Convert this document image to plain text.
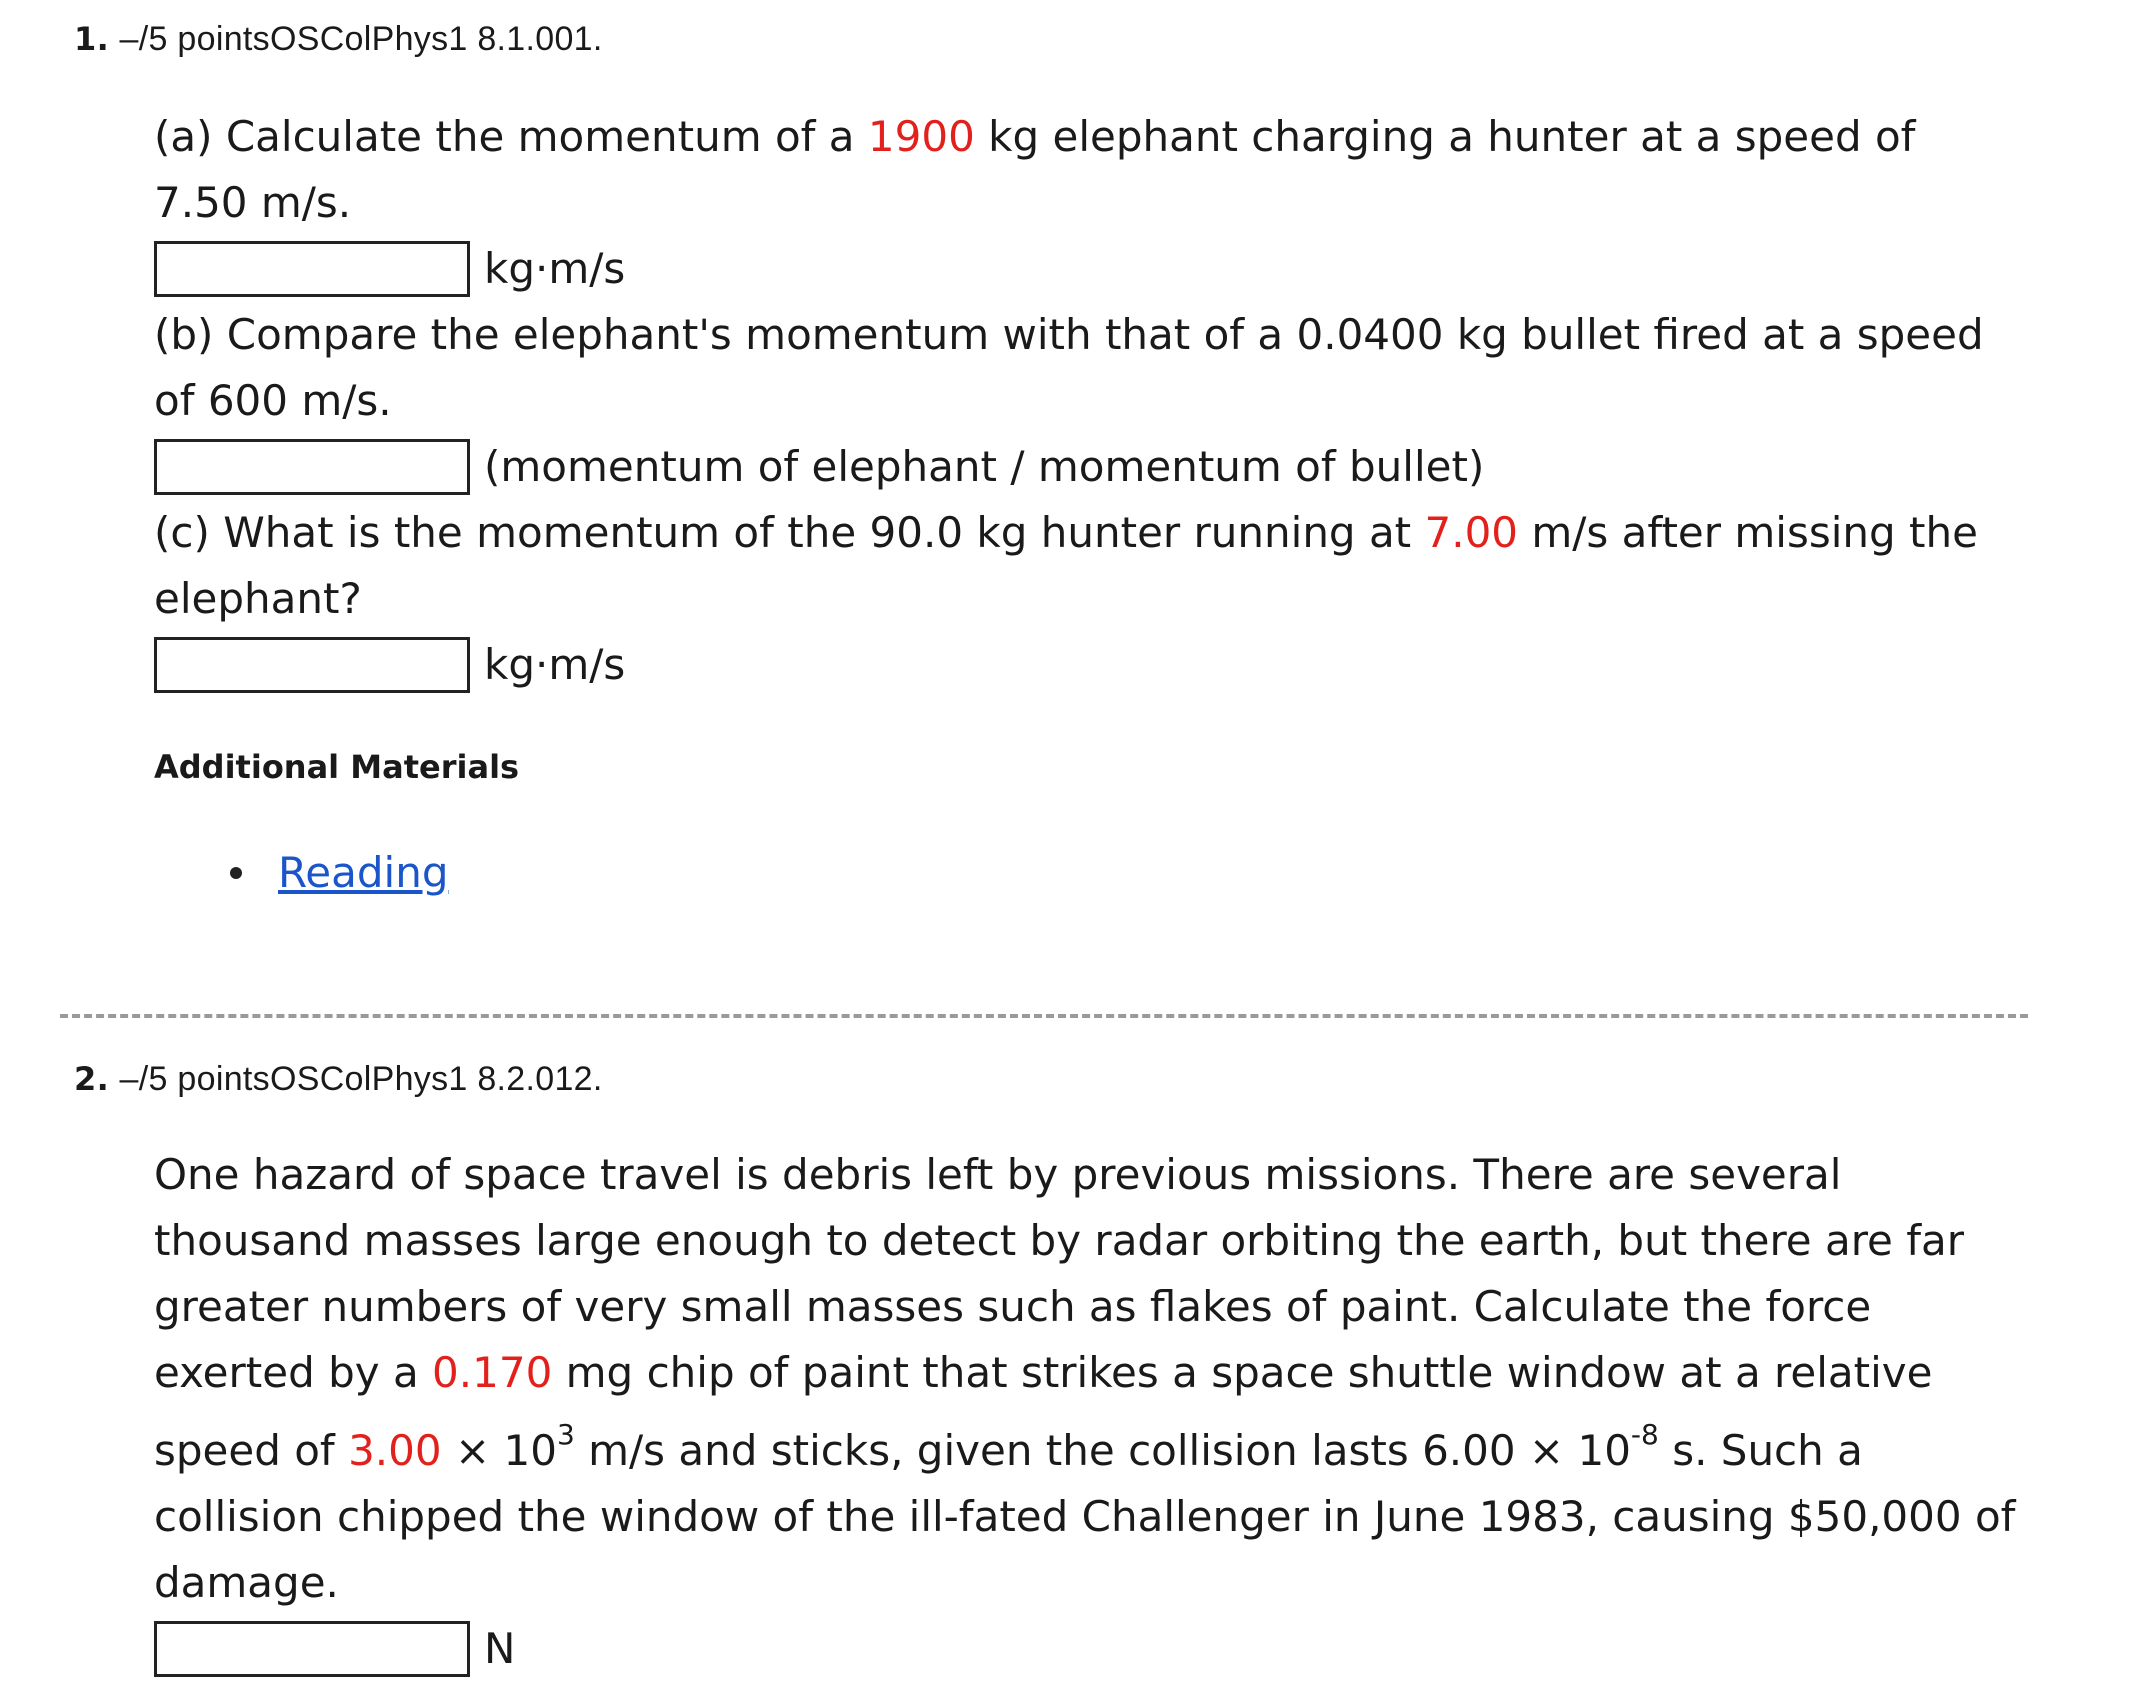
1. –/5 pointsOSColPhys1 8.1.001.
(a) Calculate the momentum of a 1900 kg elephant charging a hunter at a speed of
7.50 m/s.
kg·m/s
(b) Compare the elephant's momentum with that of a 0.0400 kg bullet fired at a speed
of 600 m/s.
(momentum of elephant / momentum of bullet)
(c) What is the momentum of the 90.0 kg hunter running at 7.00 m/s after missing the
elephant?
kg·m/s
Additional Materials
Reading
2. –/5 pointsOSColPhys1 8.2.012.
One hazard of space travel is debris left by previous missions. There are several
thousand masses large enough to detect by radar orbiting the earth, but there are far
greater numbers of very small masses such as flakes of paint. Calculate the force
exerted by a 0.170 mg chip of paint that strikes a space shuttle window at a relative
speed of $3.00 \times 10^3$ m/s and sticks, given the collision lasts $6.00 \times 10^{-8}$ s. Such a
collision chipped the window of the ill-fated Challenger in June 1983, causing $50,000 of
damage.
N
